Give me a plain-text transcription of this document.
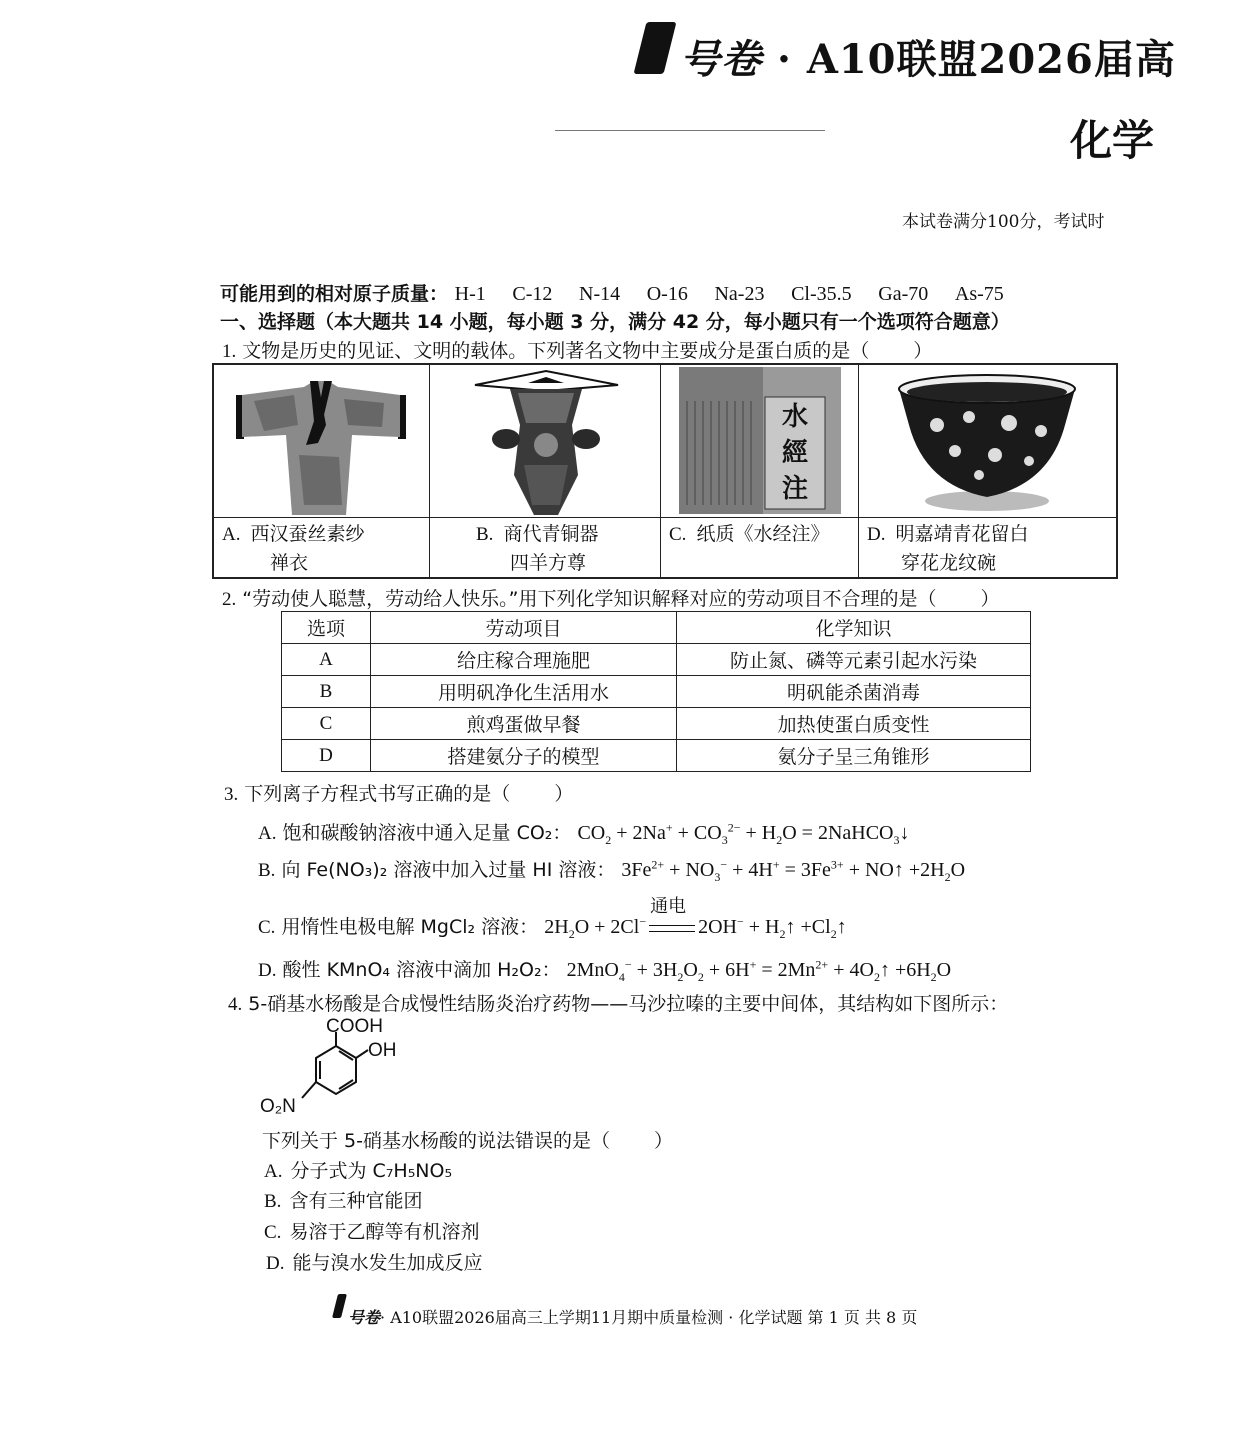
号卷 · A10联盟2026届高
化学
本试卷满分100分，考试时
可能用到的相对原子质量： H-1 C-12 N-14 O-16 Na-23 Cl-35.5 Ga-70 As-75
一、选择题（本大题共 14 小题，每小题 3 分，满分 42 分，每小题只有一个选项符合题意）
1. 文物是历史的见证、文明的载体。下列著名文物中主要成分是蛋白质的是（ ）
水
經
注
A. 西汉蚕丝素纱
禅衣
B. 商代青铜器
四羊方尊
C. 纸质《水经注》	D. 明嘉靖青花留白
穿花龙纹碗
2. “劳动使人聪慧，劳动给人快乐。”用下列化学知识解释对应的劳动项目不合理的是（ ）
选项	劳动项目	化学知识
A	给庄稼合理施肥	防止氮、磷等元素引起水污染
B	用明矾净化生活用水	明矾能杀菌消毒
C	煎鸡蛋做早餐	加热使蛋白质变性
D	搭建氨分子的模型	氨分子呈三角锥形
3. 下列离子方程式书写正确的是（ ）
A. 饱和碳酸钠溶液中通入足量 CO₂： $CO_2 + 2Na^+ + CO_3^{2-} + H_2O$ = 2NaHCO$_3$↓
B. 向 Fe(NO₃)₂ 溶液中加入过量 HI 溶液： $3Fe^{2+} + NO_3^- + 4H^+ = 3Fe^{3+}$ + NO↑ $+2H_2O$
C. 用惰性电极电解 MgCl₂ 溶液： $2H_2O + 2Cl^-$
通电
$2OH^- + H_2↑$ $+Cl_2↑$
D. 酸性 KMnO₄ 溶液中滴加 H₂O₂： $2MnO_4^- + 3H_2O_2 + 6H^+ = 2Mn^{2+}$ + $4O_2↑ +6H_2O$
4. 5-硝基水杨酸是合成慢性结肠炎治疗药物——马沙拉嗪的主要中间体，其结构如下图所示：
COOH
OH
O₂N
下列关于 5-硝基水杨酸的说法错误的是（ ）
A. 分子式为 C₇H₅NO₅
B. 含有三种官能团
C. 易溶于乙醇等有机溶剂
D. 能与溴水发生加成反应
号卷· A10联盟2026届高三上学期11月期中质量检测 · 化学试题 第 1 页 共 8 页
